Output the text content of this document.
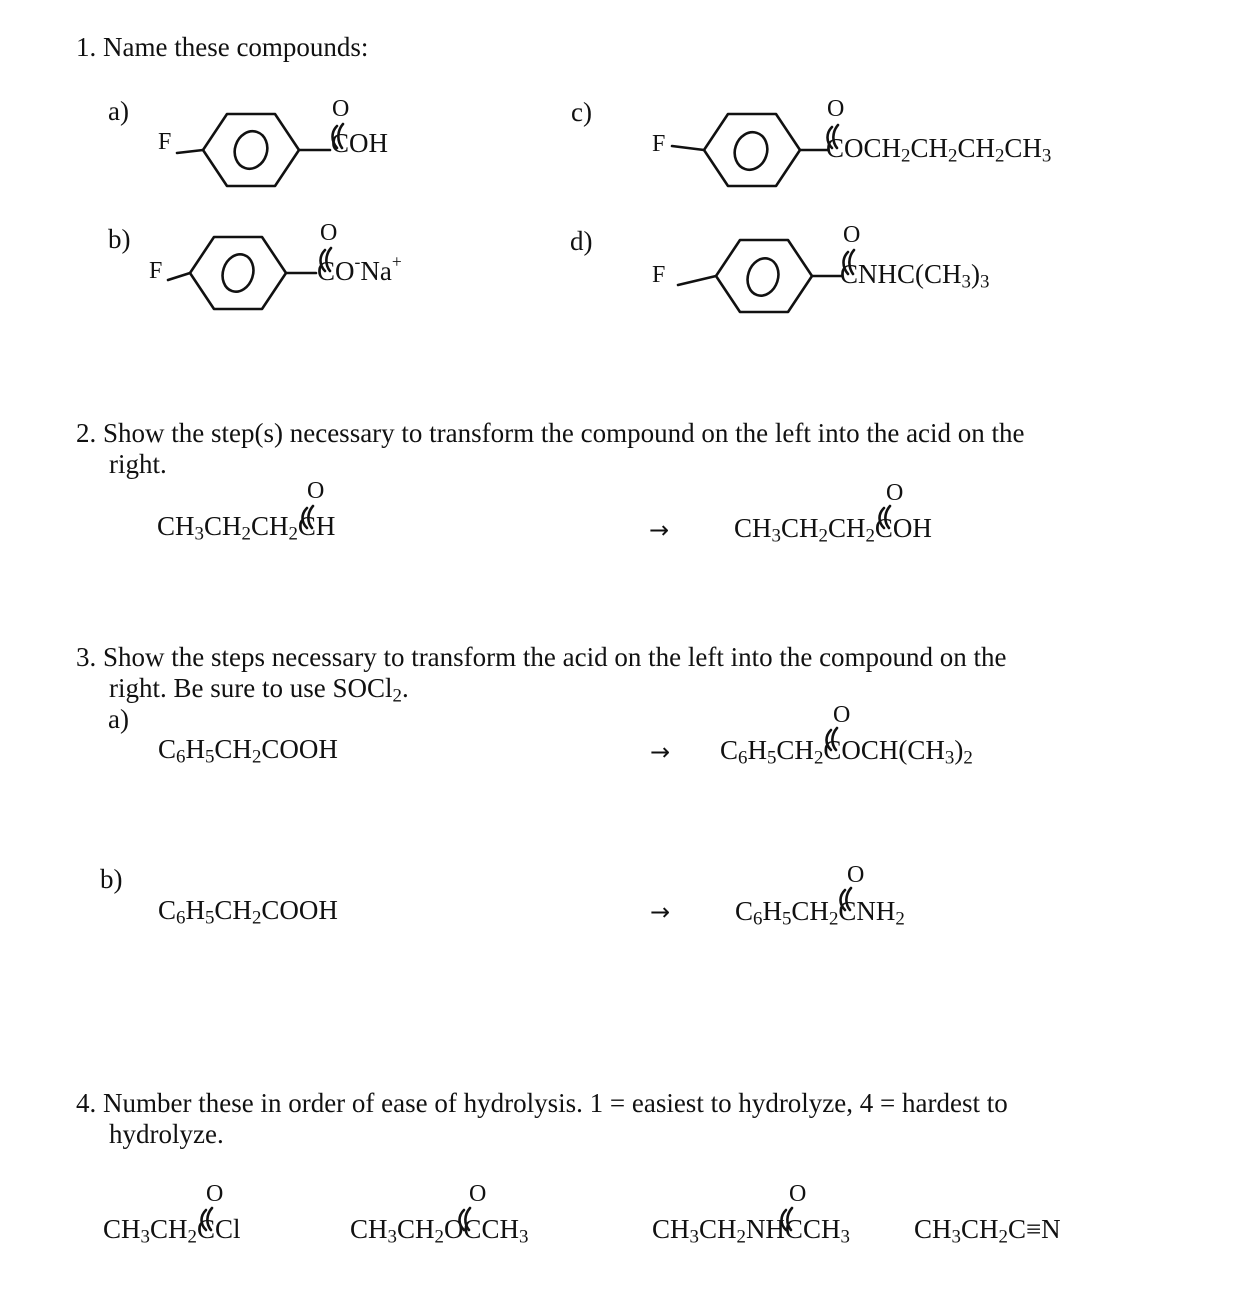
1. Name these compounds:
a)
F
O
COH
b)
F
O
CO-Na+
c)
F
O
$COCH_2CH_2CH_2CH_3$
d)
F
O
$CNHC(CH_3)_3$
2. Show the step(s) necessary to transform the compound on the left into the acid on the
right.
O
$CH_3CH_2CH_2CH$	→
O
$CH_3CH_2CH_2COH$
3. Show the steps necessary to transform the acid on the left into the compound on the
right. Be sure to use SOCl$_2$.
a)
$C_6H_5CH_2COOH$	→
O
$C_6H_5CH_2COCH(CH_3)_2$
b)
$C_6H_5CH_2COOH$	→
O
$C_6H_5CH_2CNH_2$
4. Number these in order of ease of hydrolysis. 1 = easiest to hydrolyze, 4 = hardest to
hydrolyze.
O
$CH_3CH_2CCl$
O
$CH_3CH_2OCCH_3$
O
$CH_3CH_2NHCCH_3$ $CH_3CH_2C\equiv N$
